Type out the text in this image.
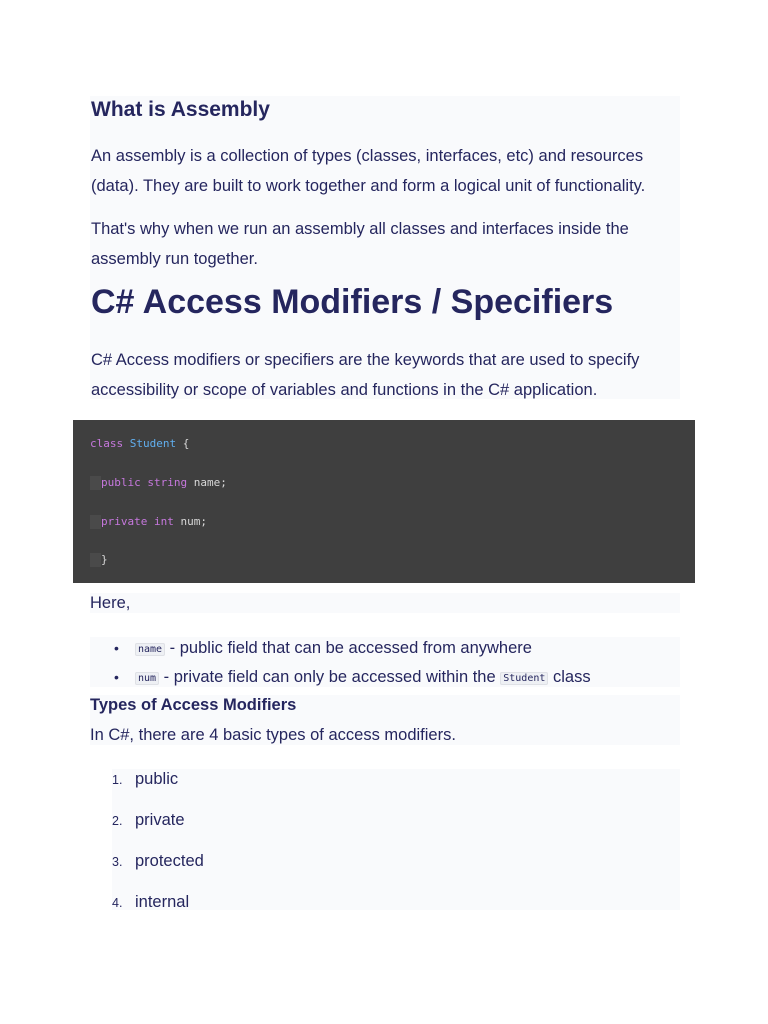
What is Assembly

An assembly is a collection of types (classes, interfaces, etc) and resources
(data). They are built to work together and form a logical unit of functionality.

That's why when we run an assembly all classes and interfaces inside the
assembly run together.

C# Access Modifiers / Specifiers

C# Access modifiers or specifiers are the keywords that are used to specify
accessibility or scope of variables and functions in the C# application.

class Student {
public string name;
private int num;
}

Here,

• name - public field that can be accessed from anywhere
• num - private field can only be accessed within the Student class
Types of Access Modifiers

In C#, there are 4 basic types of access modifiers.

1. public
2. private
3. protected
4. internal
